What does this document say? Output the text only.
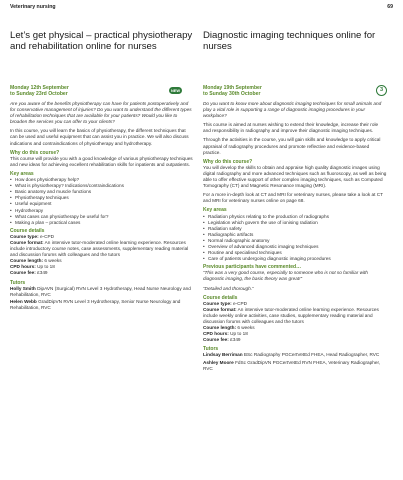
Veterinary nursing	69
Let’s get physical – practical physiotherapy and rehabilitation online for nurses
Monday 12th September
to Sunday 23rd October
NEW

Are you aware of the benefits physiotherapy can have for patients postoperatively and for conservative management of injuries? Do you want to understand the different types of rehabilitation techniques that are available for your patients? Would you like to broaden the services you can offer to your clients?

In this course, you will learn the basics of physiotherapy, the different techniques that can be used and useful equipment that can assist you in practice. We will also discuss indications and contraindications of physiotherapy and hydrotherapy.

Why do this course?

This course will provide you with a good knowledge of various physiotherapy techniques and new ideas for achieving excellent rehabilitation skills for inpatients and outpatients.

Key areas
• How does physiotherapy help?
• What is physiotherapy? Indications/contraindications
• Basic anatomy and muscle functions
• Physiotherapy techniques
• Useful equipment
• Hydrotherapy
• What cases can physiotherapy be useful for?
• Making a plan – practical cases
Course details
Course type: e-CPD
Course format: An intensive tutor-moderated online learning experience. Resources include introductory course notes, case assessments, supplementary reading material and discussion forums with colleagues and the tutors
Course length: 6 weeks
CPD hours: Up to 18
Course fee: £349
Tutors
Holly Smith DipAVN (Surgical) RVN Level 3 Hydrotherapy, Head Nurse Neurology and Rehabilitation, RVC
Helen Webb GradDipVN RVN Level 3 Hydrotherapy, Senior Nurse Neurology and Rehabilitation, RVC
Diagnostic imaging techniques online for nurses
Monday 19th September
to Sunday 30th October
3

Do you want to know more about diagnostic imaging techniques for small animals and play a vital role in supporting a range of diagnostic imaging procedures in your workplace?

This course is aimed at nurses wishing to extend their knowledge, increase their role and responsibility in radiography and improve their diagnostic imaging techniques.

Through the activities in the course, you will gain skills and knowledge to apply critical appraisal of radiography procedures and promote reflective and evidence-based practice.

Why do this course?

You will develop the skills to obtain and appraise high quality diagnostic images using digital radiography and more advanced techniques such as fluoroscopy, as well as being able to offer effective support of other complex imaging techniques, such as Computed Tomography (CT) and Magnetic Resonance Imaging (MRI).

For a more in-depth look at CT and MRI for veterinary nurses, please take a look at CT and MRI for veterinary nurses online on page 68.

Key areas
• Radiation physics relating to the production of radiographs
• Legislation which govern the use of ionising radiation
• Radiation safety
• Radiographic artifacts
• Normal radiographic anatomy
• Overview of advanced diagnostic imaging techniques
• Routine and specialised techniques
• Care of patients undergoing diagnostic imaging procedures
Previous participants have commented…

“This was a very good course, especially to someone who is not so familiar with diagnostic imaging, the basic theory was great!”

“Detailed and thorough.”

Course details
Course type: e-CPD
Course format: An intensive tutor-moderated online learning experience. Resources include weekly online activities, case studies, supplementary reading material and discussion forums with colleagues and the tutors
Course length: 6 weeks
CPD hours: Up to 18
Course fee: £349
Tutors
Lindsay Berriman BSc Radiography PGCertVetEd FHEA, Head Radiographer, RVC
Ashley Moore FdSc GradDipVN PGCertVetEd RVN FHEA, Veterinary Radiographer, RVC
